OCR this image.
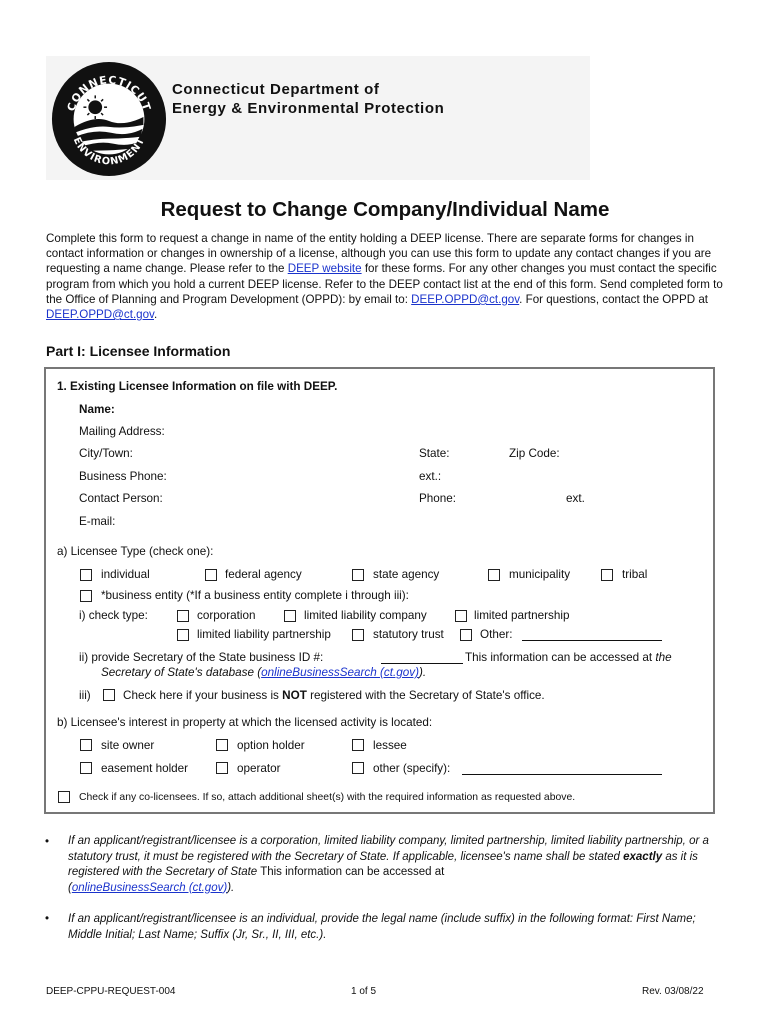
CONNECTICUT
ENVIRONMENT
Connecticut Department of
Energy & Environmental Protection
Request to Change Company/Individual Name
Complete this form to request a change in name of the entity holding a DEEP license. There are separate forms for changes in contact information or changes in ownership of a license, although you can use this form to update any contact changes if you are requesting a name change. Please refer to the DEEP website for these forms. For any other changes you must contact the specific program from which you hold a current DEEP license. Refer to the DEEP contact list at the end of this form. Send completed form to the Office of Planning and Program Development (OPPD): by email to: DEEP.OPPD@ct.gov. For questions, contact the OPPD at DEEP.OPPD@ct.gov.
Part I: Licensee Information
1. Existing Licensee Information on file with DEEP.
Name:
Mailing Address:
City/Town:	State:	Zip Code:
Business Phone:	ext.:
Contact Person:	Phone:	ext.
E-mail:
a) Licensee Type (check one):
individual	federal agency	state agency	municipality	tribal
*business entity (*If a business entity complete i through iii):
i) check type:	corporation	limited liability company	limited partnership
limited liability partnership	statutory trust	Other:
ii) provide Secretary of the State business ID #:	This information can be accessed at the
Secretary of State's database (onlineBusinessSearch (ct.gov)).
iii)	Check here if your business is NOT registered with the Secretary of State's office.
b) Licensee's interest in property at which the licensed activity is located:
site owner	option holder	lessee
easement holder	operator	other (specify):
Check if any co-licensees. If so, attach additional sheet(s) with the required information as requested above.
• If an applicant/registrant/licensee is a corporation, limited liability company, limited partnership, limited liability partnership, or a statutory trust, it must be registered with the Secretary of State. If applicable, licensee's name shall be stated exactly as it is registered with the Secretary of State This information can be accessed at
(onlineBusinessSearch (ct.gov)).
• If an applicant/registrant/licensee is an individual, provide the legal name (include suffix) in the following format: First Name; Middle Initial; Last Name; Suffix (Jr, Sr., II, III, etc.).
DEEP-CPPU-REQUEST-004	1 of 5	Rev. 03/08/22
